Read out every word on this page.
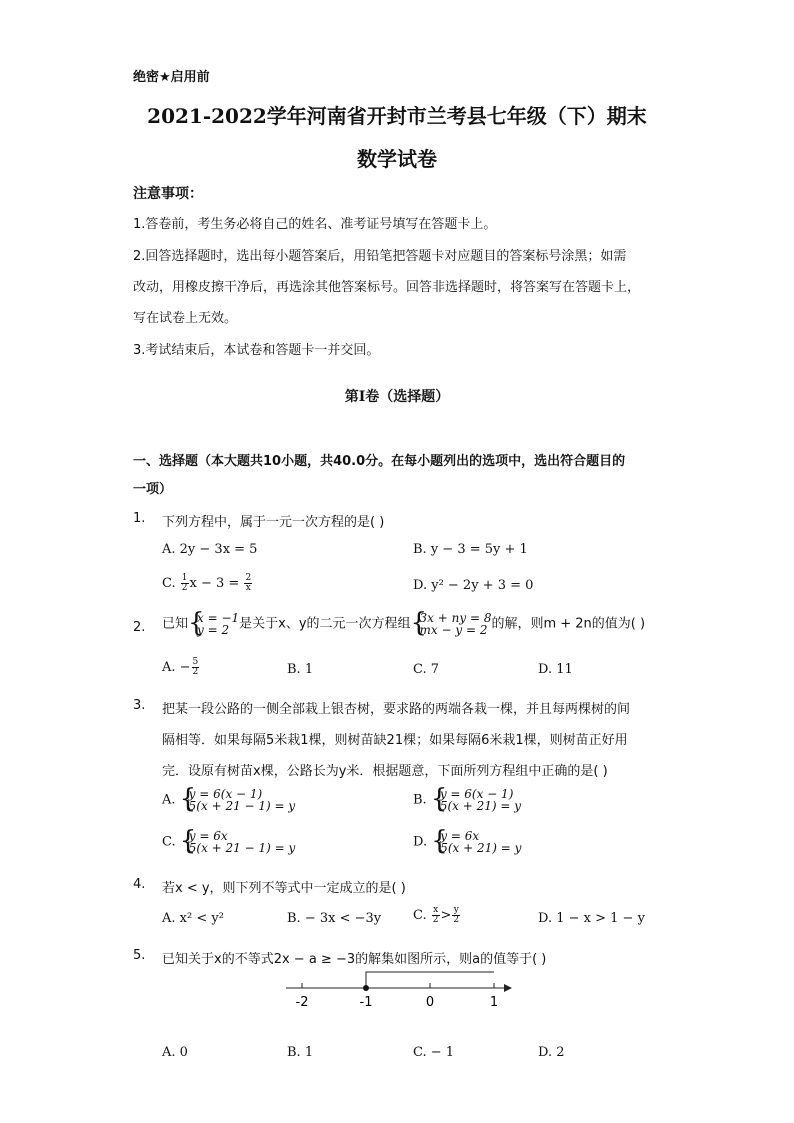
绝密★启用前
2021-2022学年河南省开封市兰考县七年级（下）期末
数学试卷
注意事项：
1.答卷前，考生务必将自己的姓名、准考证号填写在答题卡上。
2.回答选择题时，选出每小题答案后，用铅笔把答题卡对应题目的答案标号涂黑；如需
改动，用橡皮擦干净后，再选涂其他答案标号。回答非选择题时，将答案写在答题卡上，
写在试卷上无效。
3.考试结束后，本试卷和答题卡一并交回。
第I卷（选择题）
一、选择题（本大题共10小题，共40.0分。在每小题列出的选项中，选出符合题目的
一项）
1. 下列方程中，属于一元一次方程的是( )
A. 2y − 3x = 5	B. y − 3 = 5y + 1
C. $\frac{1}{2}$ $x - 3 = \frac{2}{x}$	D. y² − 2y + 3 = 0
2. 已知 {
x = −1
y = 2 是关于x、y的二元一次方程组 {
3x + ny = 8
mx − y = 2 的解，则m + 2n的值为( )
A. − $\frac{5}{2}$	B. 1	C. 7	D. 11
3. 把某一段公路的一侧全部栽上银杏树，要求路的两端各栽一棵，并且每两棵树的间
隔相等．如果每隔5米栽1棵，则树苗缺21棵；如果每隔6米栽1棵，则树苗正好用
完．设原有树苗x棵，公路长为y米．根据题意，下面所列方程组中正确的是( )
A. {
y = 6(x − 1)
5(x + 21 − 1) = y	B. {
y = 6(x − 1)
5(x + 21) = y
C. {
y = 6x
5(x + 21 − 1) = y	D. {
y = 6x
5(x + 21) = y
4. 若x < y，则下列不等式中一定成立的是( )
A. x² < y²	B. − 3x < −3y C. $\frac{x}{2} > \frac{y}{2}$	D. 1 − x > 1 − y
5. 已知关于x的不等式2x − a ≥ −3的解集如图所示，则a的值等于( )
-2	-1	0	1
A. 0	B. 1	C. − 1	D. 2
